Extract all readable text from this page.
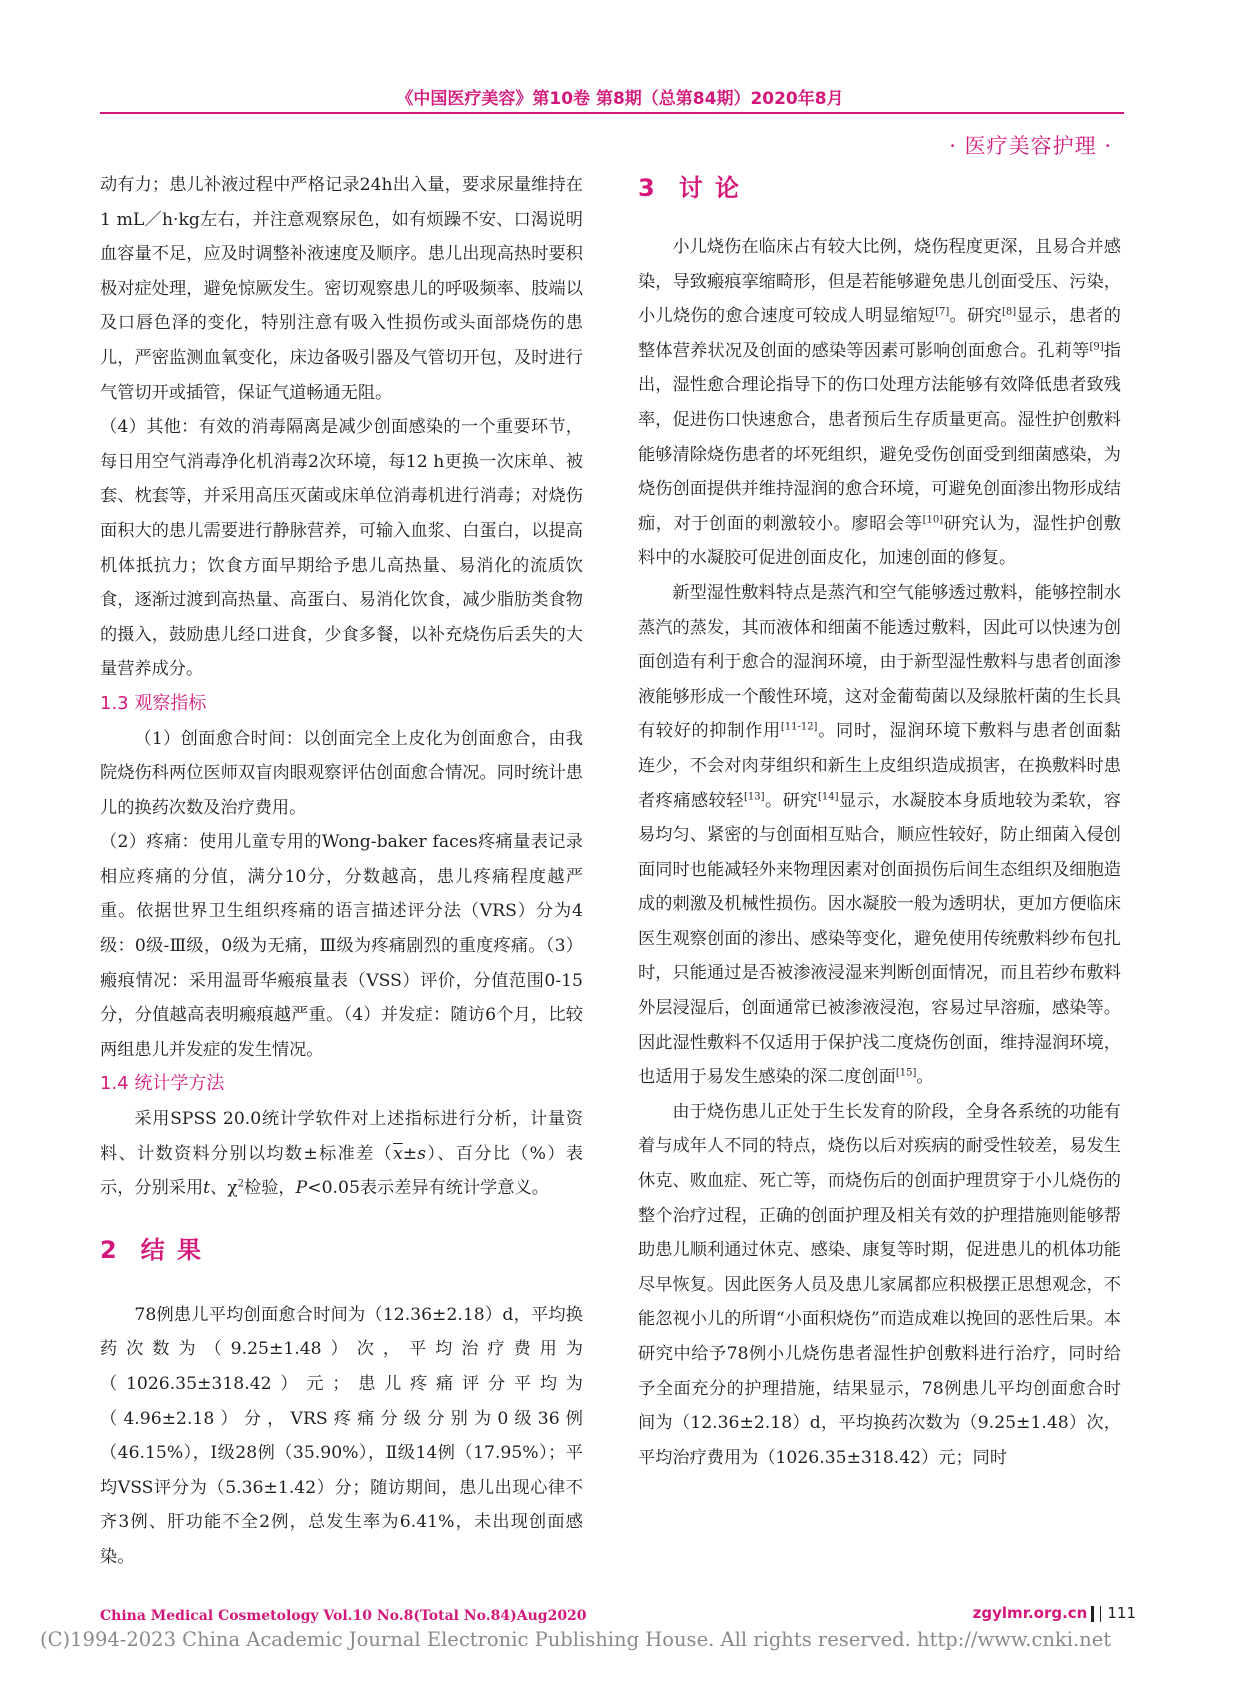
《中国医疗美容》第10卷 第8期（总第84期）2020年8月
· 医疗美容护理 ·

动有力；患儿补液过程中严格记录24h出入量，要求尿量维持在1 mL／h·kg左右，并注意观察尿色，如有烦躁不安、口渴说明血容量不足，应及时调整补液速度及顺序。患儿出现高热时要积极对症处理，避免惊厥发生。密切观察患儿的呼吸频率、肢端以及口唇色泽的变化，特别注意有吸入性损伤或头面部烧伤的患儿，严密监测血氧变化，床边备吸引器及气管切开包，及时进行气管切开或插管，保证气道畅通无阻。

（4）其他：有效的消毒隔离是减少创面感染的一个重要环节，每日用空气消毒净化机消毒2次环境，每12 h更换一次床单、被套、枕套等，并采用高压灭菌或床单位消毒机进行消毒；对烧伤面积大的患儿需要进行静脉营养，可输入血浆、白蛋白，以提高机体抵抗力；饮食方面早期给予患儿高热量、易消化的流质饮食，逐渐过渡到高热量、高蛋白、易消化饮食，减少脂肪类食物的摄入，鼓励患儿经口进食，少食多餐，以补充烧伤后丢失的大量营养成分。

1.3 观察指标

（1）创面愈合时间：以创面完全上皮化为创面愈合，由我院烧伤科两位医师双盲肉眼观察评估创面愈合情况。同时统计患儿的换药次数及治疗费用。

（2）疼痛：使用儿童专用的Wong-baker faces疼痛量表记录相应疼痛的分值，满分10分，分数越高，患儿疼痛程度越严重。依据世界卫生组织疼痛的语言描述评分法（VRS）分为4级：0级-Ⅲ级，0级为无痛，Ⅲ级为疼痛剧烈的重度疼痛。（3）瘢痕情况：采用温哥华瘢痕量表（VSS）评价，分值范围0-15分，分值越高表明瘢痕越严重。（4）并发症：随访6个月，比较两组患儿并发症的发生情况。

1.4 统计学方法

采用SPSS 20.0统计学软件对上述指标进行分析，计量资料、计数资料分别以均数±标准差$(\overline{x}\pm s)$、百分比（%）表示，分别采用t、$\chi^2$检验，P<0.05表示差异有统计学意义。

2 结 果

78例患儿平均创面愈合时间为（12.36±2.18）d，平均换药次数为（9.25±1.48）次，平均治疗费用为（1026.35±318.42）元；患儿疼痛评分平均为（4.96±2.18）分，VRS疼痛分级分别为0级36例（46.15%），Ⅰ级28例（35.90%），Ⅱ级14例（17.95%）；平均VSS评分为（5.36±1.42）分；随访期间，患儿出现心律不齐3例、肝功能不全2例，总发生率为6.41%，未出现创面感染。

3 讨 论

小儿烧伤在临床占有较大比例，烧伤程度更深，且易合并感染，导致瘢痕挛缩畸形，但是若能够避免患儿创面受压、污染，小儿烧伤的愈合速度可较成人明显缩短[7]。研究[8]显示，患者的整体营养状况及创面的感染等因素可影响创面愈合。孔莉等[9]指出，湿性愈合理论指导下的伤口处理方法能够有效降低患者致残率，促进伤口快速愈合，患者预后生存质量更高。湿性护创敷料能够清除烧伤患者的坏死组织，避免受伤创面受到细菌感染，为烧伤创面提供并维持湿润的愈合环境，可避免创面渗出物形成结痂，对于创面的刺激较小。廖昭会等[10]研究认为，湿性护创敷料中的水凝胶可促进创面皮化，加速创面的修复。

新型湿性敷料特点是蒸汽和空气能够透过敷料，能够控制水蒸汽的蒸发，其而液体和细菌不能透过敷料，因此可以快速为创面创造有利于愈合的湿润环境，由于新型湿性敷料与患者创面渗液能够形成一个酸性环境，这对金葡萄菌以及绿脓杆菌的生长具有较好的抑制作用[11-12]。同时，湿润环境下敷料与患者创面黏连少，不会对肉芽组织和新生上皮组织造成损害，在换敷料时患者疼痛感较轻[13]。研究[14]显示，水凝胶本身质地较为柔软，容易均匀、紧密的与创面相互贴合，顺应性较好，防止细菌入侵创面同时也能减轻外来物理因素对创面损伤后间生态组织及细胞造成的刺激及机械性损伤。因水凝胶一般为透明状，更加方便临床医生观察创面的渗出、感染等变化，避免使用传统敷料纱布包扎时，只能通过是否被渗液浸湿来判断创面情况，而且若纱布敷料外层浸湿后，创面通常已被渗液浸泡，容易过早溶痂，感染等。因此湿性敷料不仅适用于保护浅二度烧伤创面，维持湿润环境，也适用于易发生感染的深二度创面[15]。

由于烧伤患儿正处于生长发育的阶段，全身各系统的功能有着与成年人不同的特点，烧伤以后对疾病的耐受性较差，易发生休克、败血症、死亡等，而烧伤后的创面护理贯穿于小儿烧伤的整个治疗过程，正确的创面护理及相关有效的护理措施则能够帮助患儿顺利通过休克、感染、康复等时期，促进患儿的机体功能尽早恢复。因此医务人员及患儿家属都应积极摆正思想观念，不能忽视小儿的所谓“小面积烧伤”而造成难以挽回的恶性后果。本研究中给予78例小儿烧伤患者湿性护创敷料进行治疗，同时给予全面充分的护理措施，结果显示，78例患儿平均创面愈合时间为（12.36±2.18）d，平均换药次数为（9.25±1.48）次，平均治疗费用为（1026.35±318.42）元；同时

China Medical Cosmetology Vol.10 No.8(Total No.84)Aug2020	zgylmr.org.cn 111
(C)1994-2023 China Academic Journal Electronic Publishing House. All rights reserved. http://www.cnki.net
